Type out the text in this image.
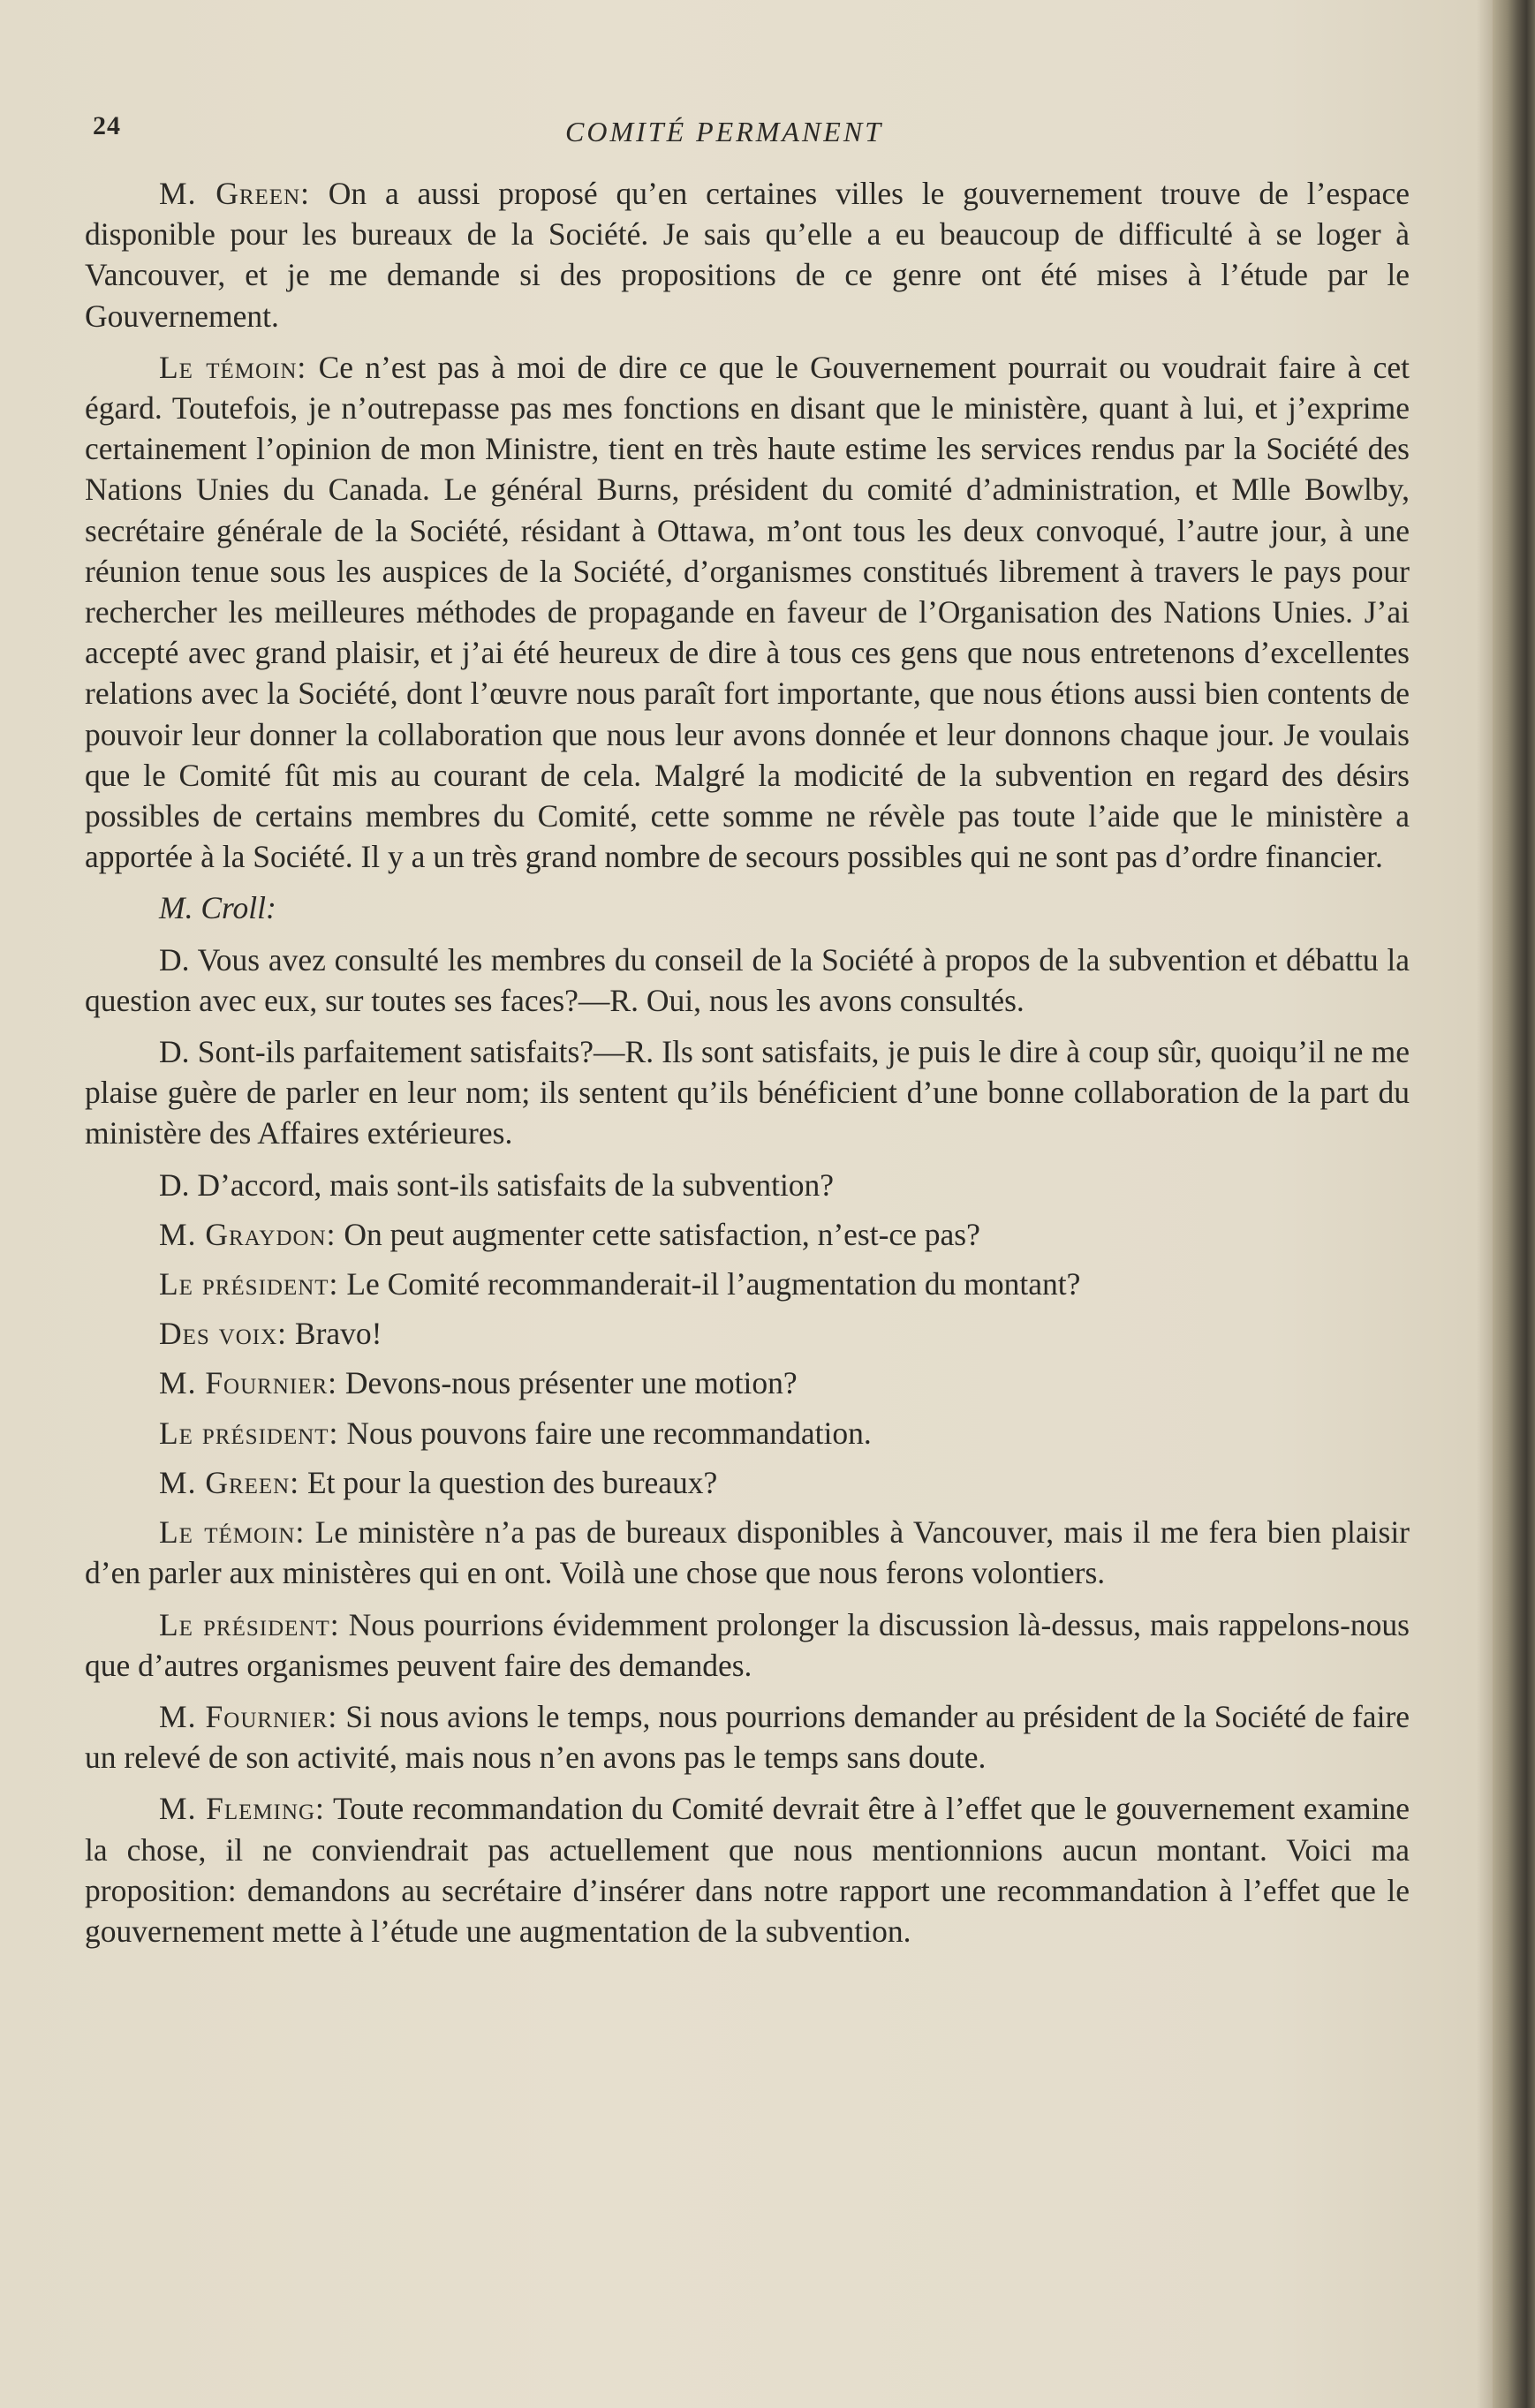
24	COMITÉ PERMANENT

M. Green: On a aussi proposé qu’en certaines villes le gouvernement trouve de l’espace disponible pour les bureaux de la Société. Je sais qu’elle a eu beaucoup de difficulté à se loger à Vancouver, et je me demande si des propositions de ce genre ont été mises à l’étude par le Gouvernement.

Le témoin: Ce n’est pas à moi de dire ce que le Gouvernement pourrait ou voudrait faire à cet égard. Toutefois, je n’outrepasse pas mes fonctions en disant que le ministère, quant à lui, et j’exprime certainement l’opinion de mon Ministre, tient en très haute estime les services rendus par la Société des Nations Unies du Canada. Le général Burns, président du comité d’administration, et Mlle Bowlby, secrétaire générale de la Société, résidant à Ottawa, m’ont tous les deux convoqué, l’autre jour, à une réunion tenue sous les auspices de la Société, d’organismes constitués librement à travers le pays pour rechercher les meilleures méthodes de propagande en faveur de l’Organisation des Nations Unies. J’ai accepté avec grand plaisir, et j’ai été heureux de dire à tous ces gens que nous entretenons d’excellentes relations avec la Société, dont l’œuvre nous paraît fort importante, que nous étions aussi bien contents de pouvoir leur donner la collaboration que nous leur avons donnée et leur donnons chaque jour. Je voulais que le Comité fût mis au courant de cela. Malgré la modicité de la subvention en regard des désirs possibles de certains membres du Comité, cette somme ne révèle pas toute l’aide que le ministère a apportée à la Société. Il y a un très grand nombre de secours possibles qui ne sont pas d’ordre financier.

M. Croll:

D. Vous avez consulté les membres du conseil de la Société à propos de la subvention et débattu la question avec eux, sur toutes ses faces?—R. Oui, nous les avons consultés.

D. Sont-ils parfaitement satisfaits?—R. Ils sont satisfaits, je puis le dire à coup sûr, quoiqu’il ne me plaise guère de parler en leur nom; ils sentent qu’ils bénéficient d’une bonne collaboration de la part du ministère des Affaires extérieures.

D. D’accord, mais sont-ils satisfaits de la subvention?

M. Graydon: On peut augmenter cette satisfaction, n’est-ce pas?

Le président: Le Comité recommanderait-il l’augmentation du montant?

Des voix: Bravo!

M. Fournier: Devons-nous présenter une motion?

Le président: Nous pouvons faire une recommandation.

M. Green: Et pour la question des bureaux?

Le témoin: Le ministère n’a pas de bureaux disponibles à Vancouver, mais il me fera bien plaisir d’en parler aux ministères qui en ont. Voilà une chose que nous ferons volontiers.

Le président: Nous pourrions évidemment prolonger la discussion là-dessus, mais rappelons-nous que d’autres organismes peuvent faire des demandes.

M. Fournier: Si nous avions le temps, nous pourrions demander au président de la Société de faire un relevé de son activité, mais nous n’en avons pas le temps sans doute.

M. Fleming: Toute recommandation du Comité devrait être à l’effet que le gouvernement examine la chose, il ne conviendrait pas actuellement que nous mentionnions aucun montant. Voici ma proposition: demandons au secrétaire d’insérer dans notre rapport une recommandation à l’effet que le gouvernement mette à l’étude une augmentation de la subvention.
